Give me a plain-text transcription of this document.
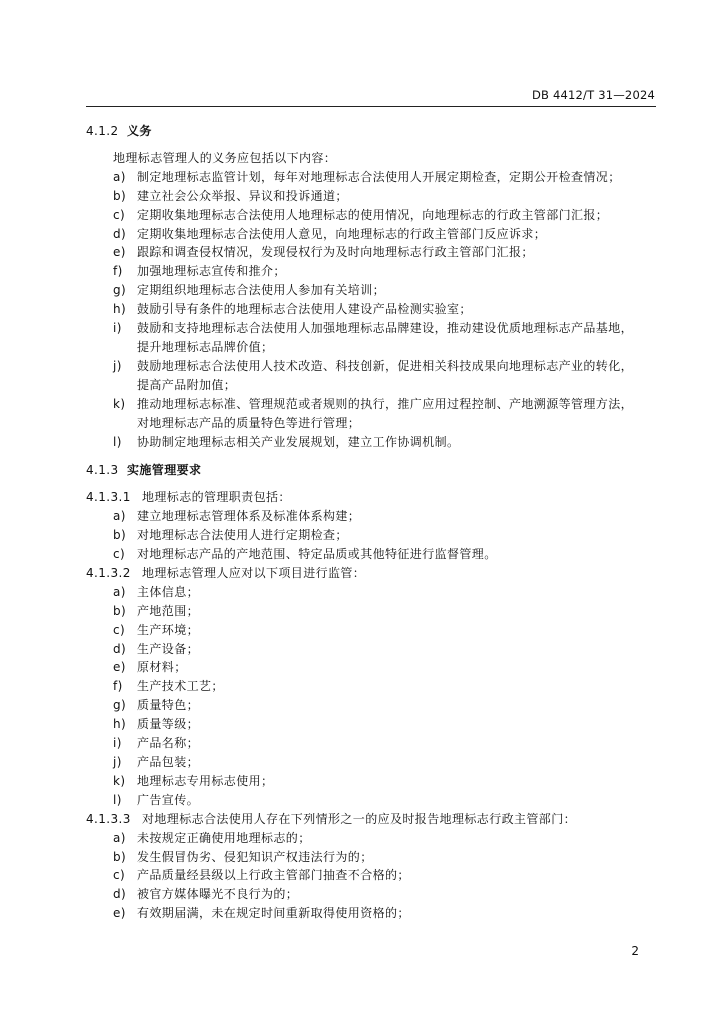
DB 4412/T 31—2024
4.1.2 义务
地理标志管理人的义务应包括以下内容：
a) 制定地理标志监管计划，每年对地理标志合法使用人开展定期检查，定期公开检查情况；
b) 建立社会公众举报、异议和投诉通道；
c) 定期收集地理标志合法使用人地理标志的使用情况，向地理标志的行政主管部门汇报；
d) 定期收集地理标志合法使用人意见，向地理标志的行政主管部门反应诉求；
e) 跟踪和调查侵权情况，发现侵权行为及时向地理标志行政主管部门汇报；
f)	加强地理标志宣传和推介；
g) 定期组织地理标志合法使用人参加有关培训；
h) 鼓励引导有条件的地理标志合法使用人建设产品检测实验室；
i)	鼓励和支持地理标志合法使用人加强地理标志品牌建设，推动建设优质地理标志产品基地，
提升地理标志品牌价值；
j)	鼓励地理标志合法使用人技术改造、科技创新，促进相关科技成果向地理标志产业的转化，
提高产品附加值；
k) 推动地理标志标准、管理规范或者规则的执行，推广应用过程控制、产地溯源等管理方法，
对地理标志产品的质量特色等进行管理；
l)	协助制定地理标志相关产业发展规划，建立工作协调机制。
4.1.3 实施管理要求
4.1.3.1 地理标志的管理职责包括：
a) 建立地理标志管理体系及标准体系构建；
b) 对地理标志合法使用人进行定期检查；
c) 对地理标志产品的产地范围、特定品质或其他特征进行监督管理。
4.1.3.2 地理标志管理人应对以下项目进行监管：
a) 主体信息；
b) 产地范围；
c) 生产环境；
d) 生产设备；
e) 原材料；
f)	生产技术工艺；
g) 质量特色；
h) 质量等级；
i)	产品名称；
j)	产品包装；
k) 地理标志专用标志使用；
l)	广告宣传。
4.1.3.3 对地理标志合法使用人存在下列情形之一的应及时报告地理标志行政主管部门：
a) 未按规定正确使用地理标志的；
b) 发生假冒伪劣、侵犯知识产权违法行为的；
c) 产品质量经县级以上行政主管部门抽查不合格的；
d) 被官方媒体曝光不良行为的；
e) 有效期届满，未在规定时间重新取得使用资格的；
2
